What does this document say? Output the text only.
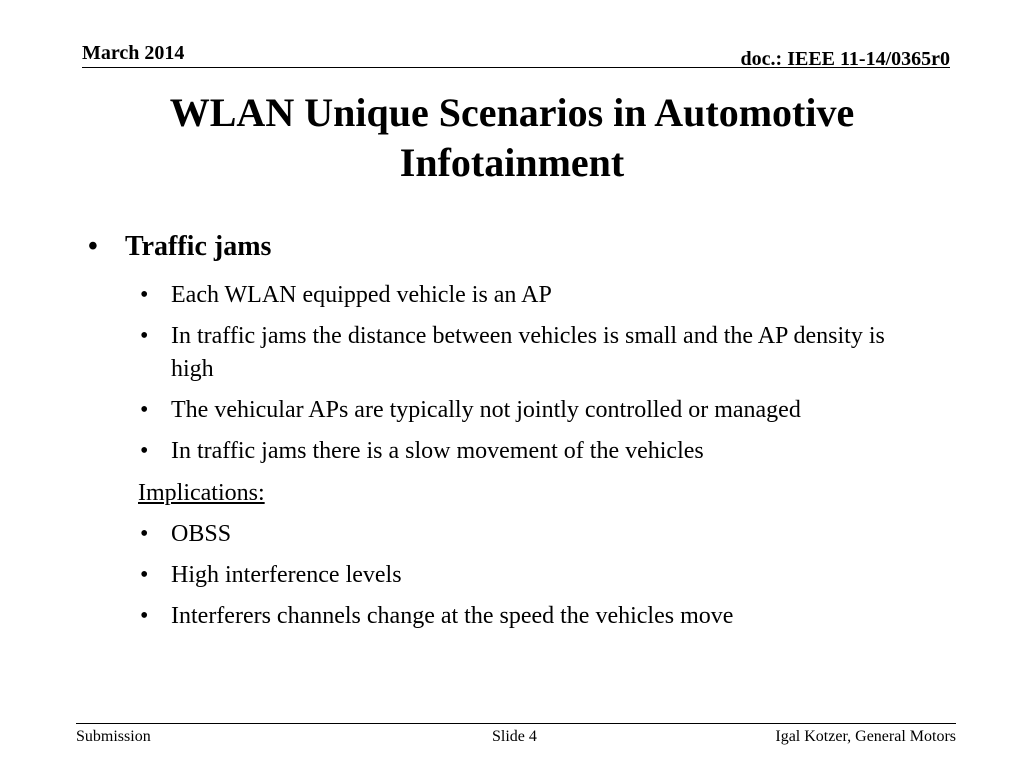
March 2014	doc.: IEEE 11-14/0365r0
WLAN Unique Scenarios in Automotive Infotainment
• Traffic jams
• Each WLAN equipped vehicle is an AP
• In traffic jams the distance between vehicles is small and the AP density is high
• The vehicular APs are typically not jointly controlled or managed
• In traffic jams there is a slow movement of the vehicles
Implications:
• OBSS
• High interference levels
• Interferers channels change at the speed the vehicles move
Submission	Slide 4	Igal Kotzer, General Motors
